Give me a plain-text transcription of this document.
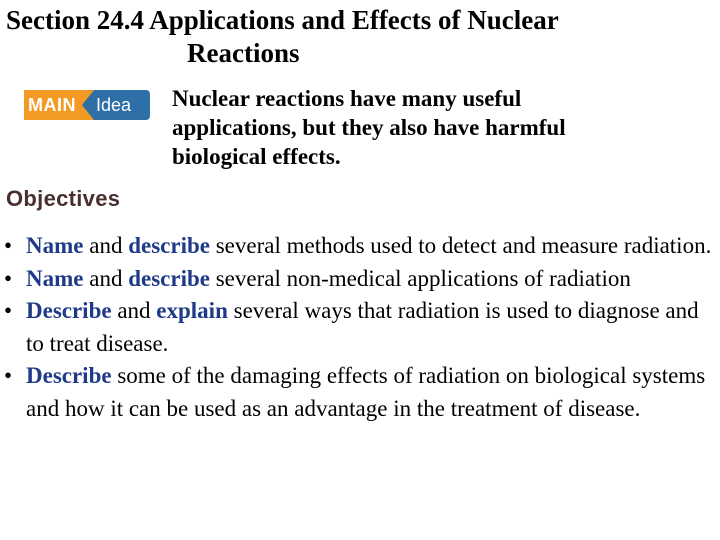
Section 24.4 Applications and Effects of Nuclear
Reactions
MAIN Idea	Nuclear reactions have many useful
applications, but they also have harmful
biological effects.
Objectives
• Name and describe several methods used to detect and measure radiation.
• Name and describe several non-medical applications of radiation
• Describe and explain several ways that radiation is used to diagnose and to treat disease.
• Describe some of the damaging effects of radiation on biological systems and how it can be used as an advantage in the treatment of disease.
